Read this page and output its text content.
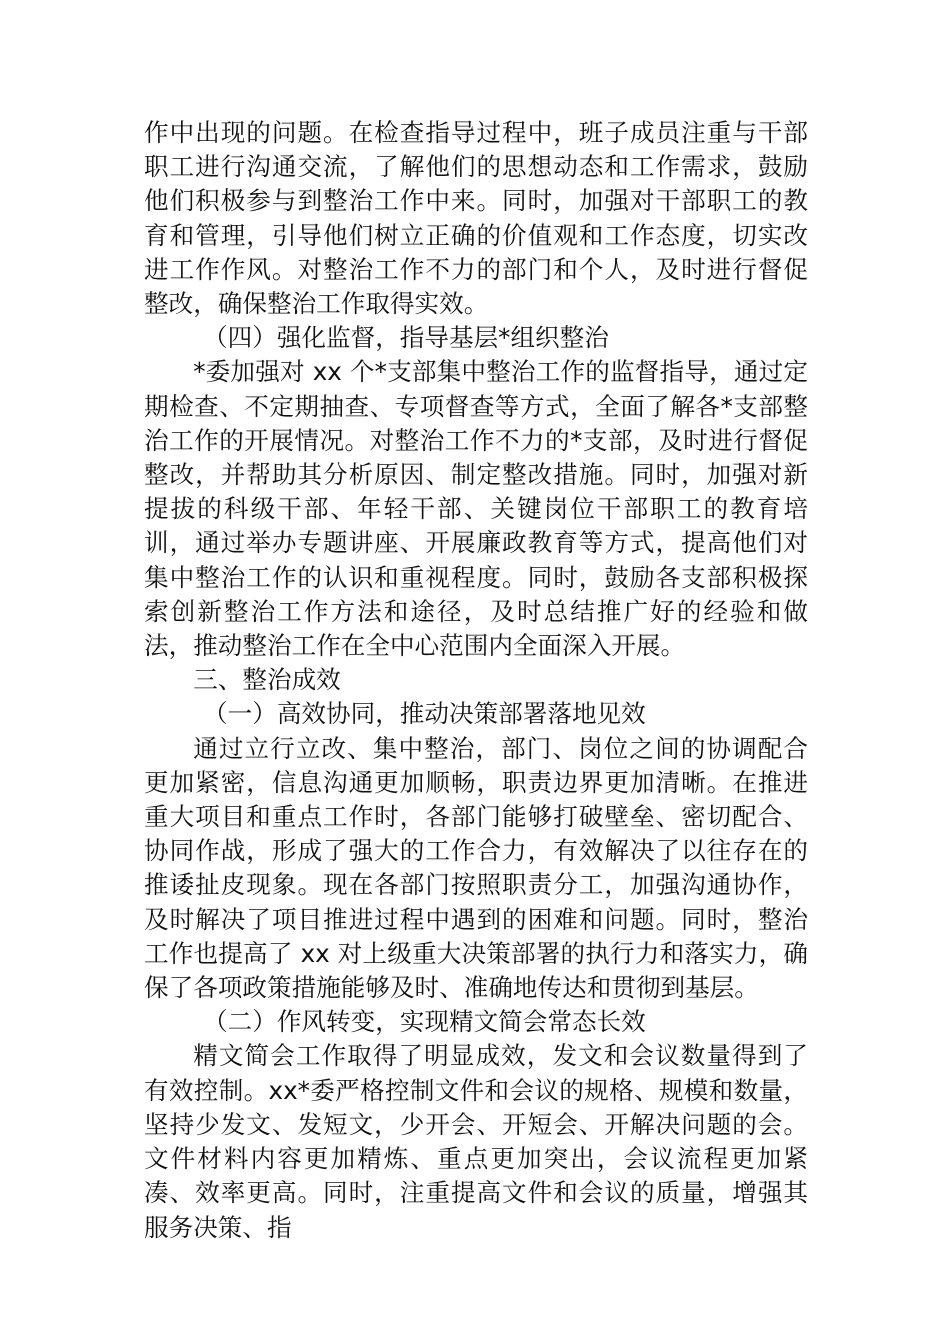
作中出现的问题。在检查指导过程中，班子成员注重与干部职工进行沟通交流，了解他们的思想动态和工作需求，鼓励他们积极参与到整治工作中来。同时，加强对干部职工的教育和管理，引导他们树立正确的价值观和工作态度，切实改进工作作风。对整治工作不力的部门和个人，及时进行督促整改，确保整治工作取得实效。

（四）强化监督，指导基层*组织整治

*委加强对 xx 个*支部集中整治工作的监督指导，通过定期检查、不定期抽查、专项督查等方式，全面了解各*支部整治工作的开展情况。对整治工作不力的*支部，及时进行督促整改，并帮助其分析原因、制定整改措施。同时，加强对新提拔的科级干部、年轻干部、关键岗位干部职工的教育培训，通过举办专题讲座、开展廉政教育等方式，提高他们对集中整治工作的认识和重视程度。同时，鼓励各支部积极探索创新整治工作方法和途径，及时总结推广好的经验和做法，推动整治工作在全中心范围内全面深入开展。

三、整治成效

（一）高效协同，推动决策部署落地见效

通过立行立改、集中整治，部门、岗位之间的协调配合更加紧密，信息沟通更加顺畅，职责边界更加清晰。在推进重大项目和重点工作时，各部门能够打破壁垒、密切配合、协同作战，形成了强大的工作合力，有效解决了以往存在的推诿扯皮现象。现在各部门按照职责分工，加强沟通协作，及时解决了项目推进过程中遇到的困难和问题。同时，整治工作也提高了 xx 对上级重大决策部署的执行力和落实力，确保了各项政策措施能够及时、准确地传达和贯彻到基层。

（二）作风转变，实现精文简会常态长效

精文简会工作取得了明显成效，发文和会议数量得到了有效控制。xx*委严格控制文件和会议的规格、规模和数量，坚持少发文、发短文，少开会、开短会、开解决问题的会。文件材料内容更加精炼、重点更加突出，会议流程更加紧凑、效率更高。同时，注重提高文件和会议的质量，增强其服务决策、指
